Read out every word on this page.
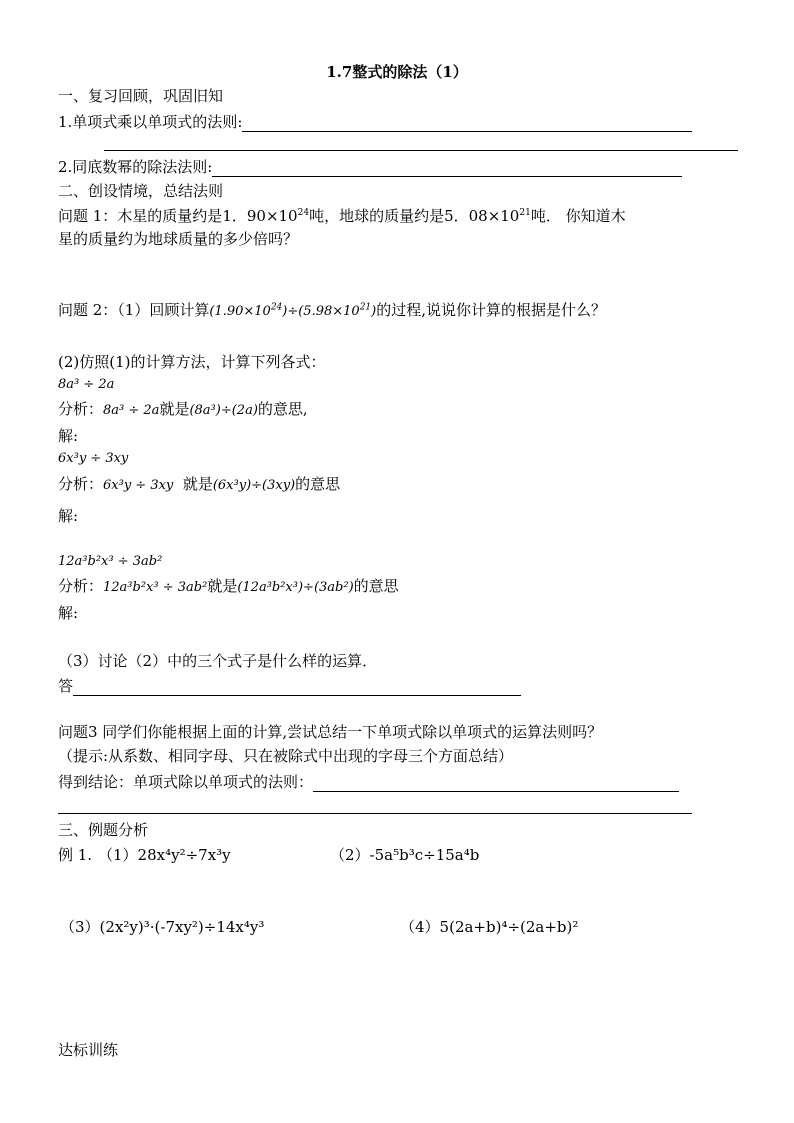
1.7整式的除法（1）
一、复习回顾，巩固旧知
1.单项式乘以单项式的法则:
2.同底数幂的除法法则:
二、创设情境，总结法则
问题 1：木星的质量约是1．$90\times 10^{24}$吨，地球的质量约是5．$08\times 10^{21}$吨． 你知道木
星的质量约为地球质量的多少倍吗？
问题 2：（1）回顾计算$(1.90\times 10^{24})\div(5.98\times 10^{21})$的过程,说说你计算的根据是什么？
(2)仿照(1)的计算方法，计算下列各式：
8a³ ÷ 2a
分析：8a³ ÷ 2a就是(8a³)÷(2a)的意思,
解:
6x³y ÷ 3xy
分析：6x³y ÷ 3xy 就是(6x³y)÷(3xy)的意思
解:
12a³b²x³ ÷ 3ab²
分析：12a³b²x³ ÷ 3ab²就是(12a³b²x³)÷(3ab²)的意思
解:
（3）讨论（2）中的三个式子是什么样的运算．
答
问题3 同学们你能根据上面的计算,尝试总结一下单项式除以单项式的运算法则吗？
（提示:从系数、相同字母、只在被除式中出现的字母三个方面总结）
得到结论：单项式除以单项式的法则：
三、例题分析
例 1. （1）28x⁴y²÷7x³y	（2）-5a⁵b³c÷15a⁴b
（3）(2x²y)³·(-7xy²)÷14x⁴y³	（4）5(2a+b)⁴÷(2a+b)²
达标训练
